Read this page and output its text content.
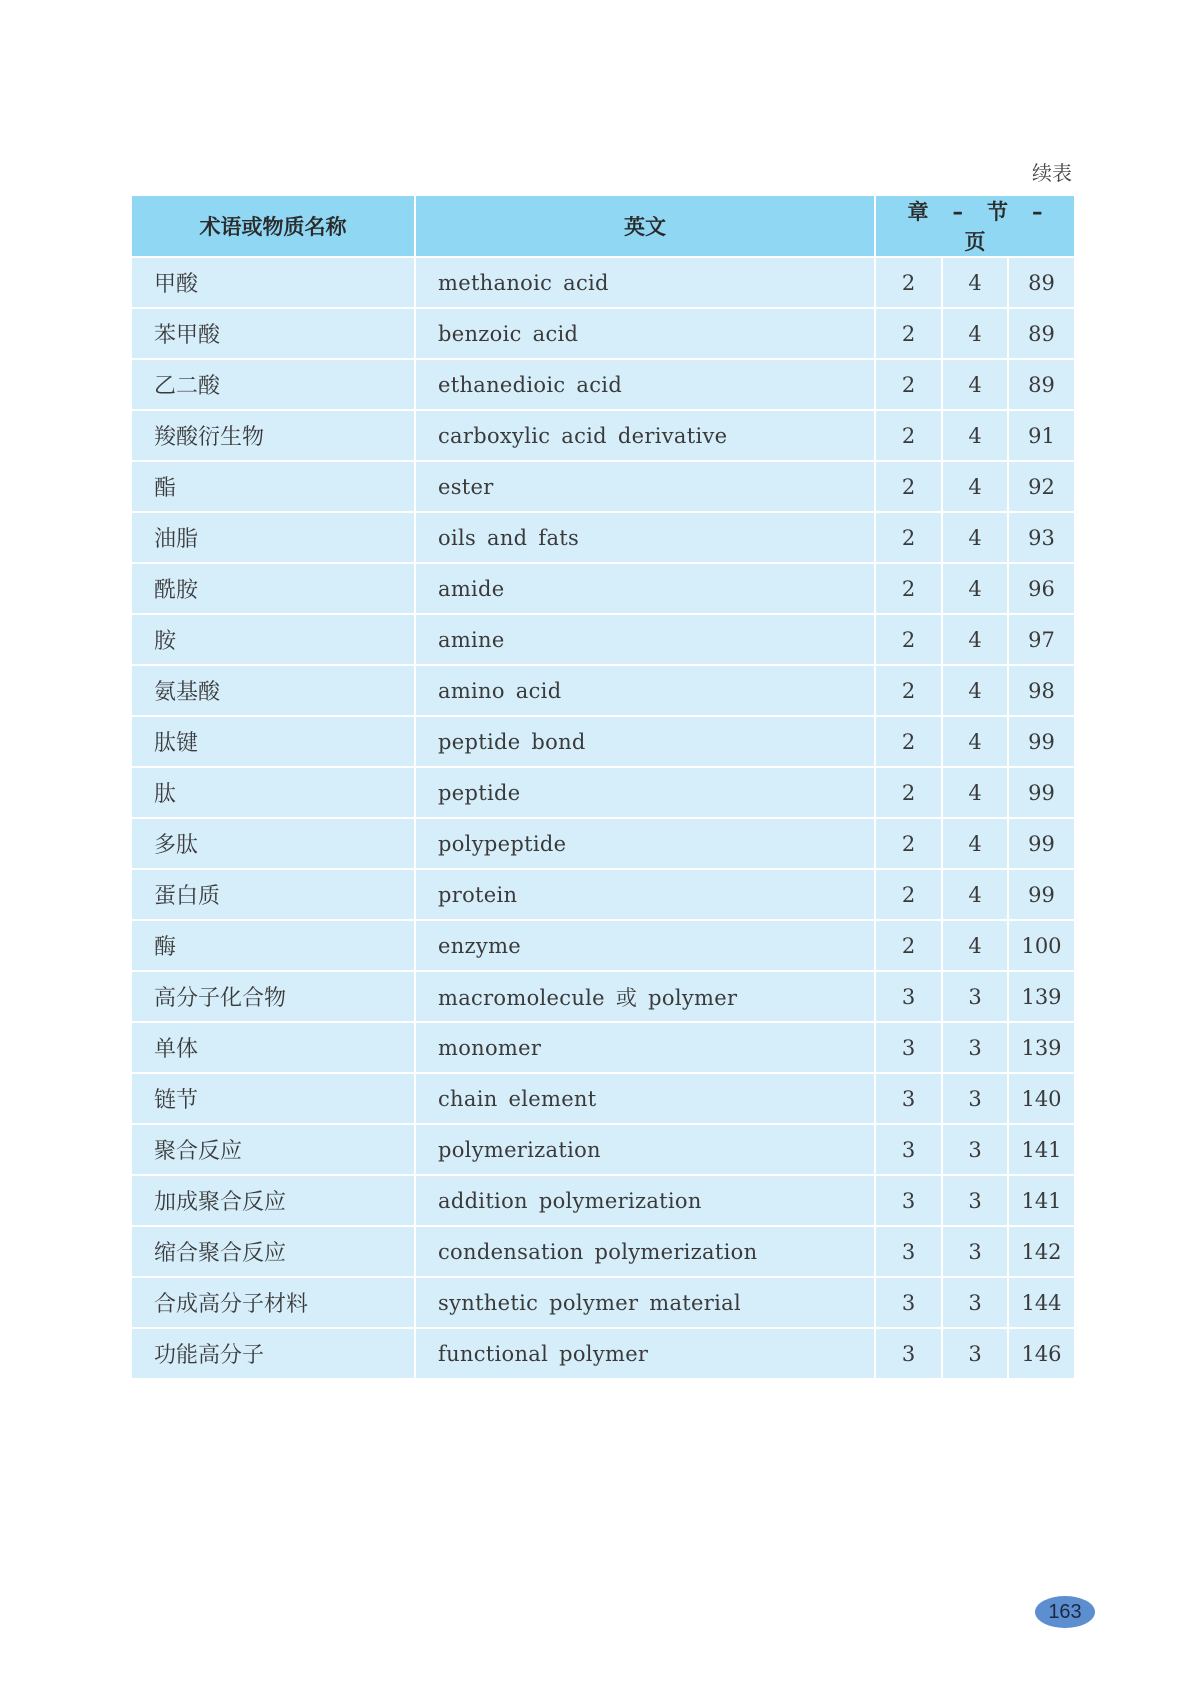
续表
术语或物质名称	英文	章 – 节 –页		
甲酸	methanoic acid	2	4	89
苯甲酸	benzoic acid	2	4	89
乙二酸	ethanedioic acid	2	4	89
羧酸衍生物	carboxylic acid derivative	2	4	91
酯	ester	2	4	92
油脂	oils and fats	2	4	93
酰胺	amide	2	4	96
胺	amine	2	4	97
氨基酸	amino acid	2	4	98
肽键	peptide bond	2	4	99
肽	peptide	2	4	99
多肽	polypeptide	2	4	99
蛋白质	protein	2	4	99
酶	enzyme	2	4	100
高分子化合物	macromolecule 或 polymer	3	3	139
单体	monomer	3	3	139
链节	chain element	3	3	140
聚合反应	polymerization	3	3	141
加成聚合反应	addition polymerization	3	3	141
缩合聚合反应	condensation polymerization	3	3	142
合成高分子材料	synthetic polymer material	3	3	144
功能高分子	functional polymer	3	3	146
163
